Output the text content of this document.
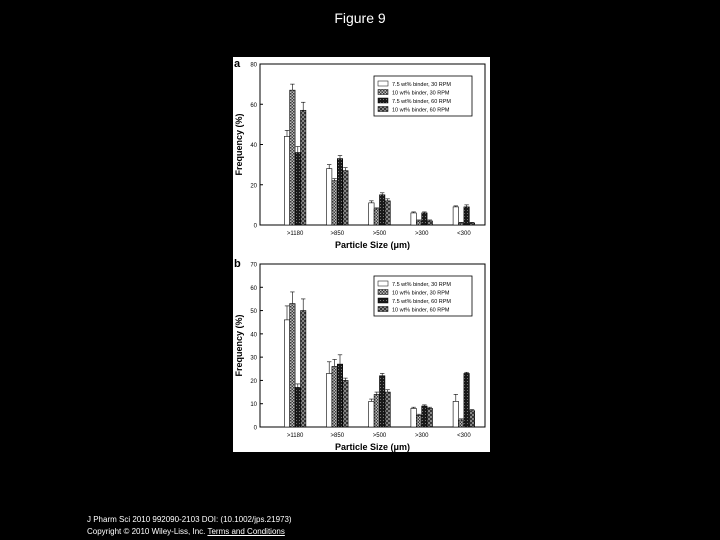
Figure 9
a
0
20
40
60
80
Frequency (%)
>1180	>850	>500	>300	<300
Particle Size (μm)
7.5 wt% binder, 30 RPM
10 wt% binder, 30 RPM
7.5 wt% binder, 60 RPM
10 wt% binder, 60 RPM
b
0
10
20
30
40
50
60
70
Frequency (%)
>1180	>850	>500	>300	<300
Particle Size (μm)
7.5 wt% binder, 30 RPM
10 wt% binder, 30 RPM
7.5 wt% binder, 60 RPM
10 wt% binder, 60 RPM
J Pharm Sci 2010 992090-2103 DOI: (10.1002/jps.21973)
Copyright © 2010 Wiley-Liss, Inc. Terms and Conditions
